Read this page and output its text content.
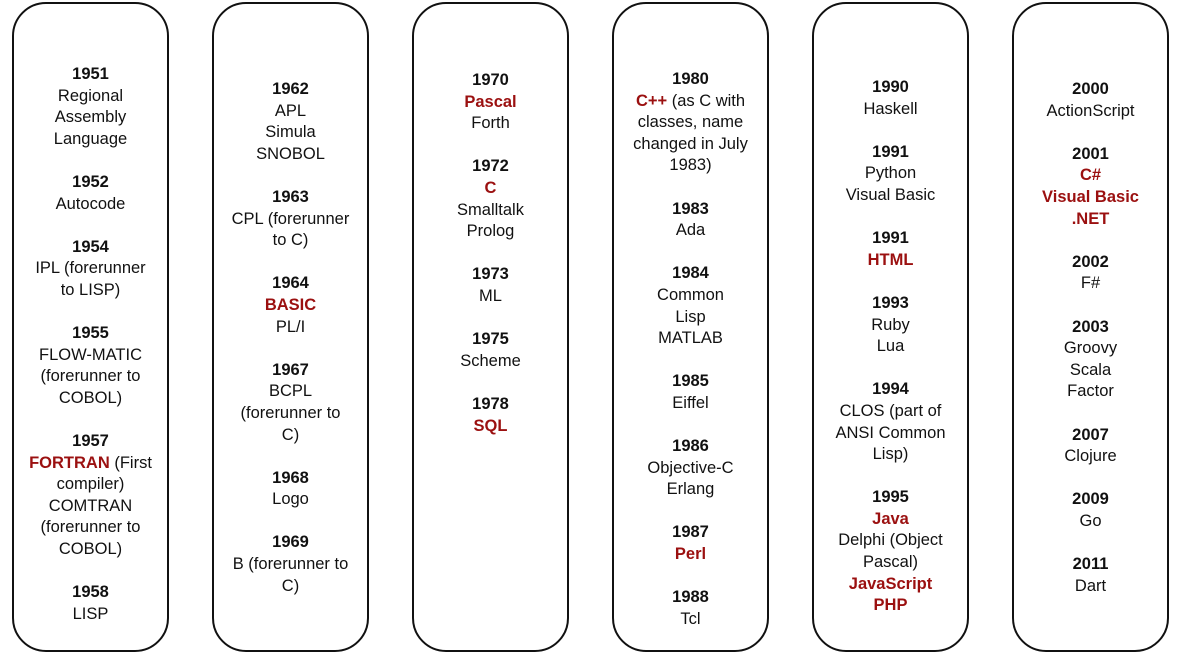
1951
Regional
Assembly
Language
1952
Autocode
1954
IPL (forerunner
to LISP)
1955
FLOW-MATIC
(forerunner to
COBOL)
1957
FORTRAN (First
compiler)
COMTRAN
(forerunner to
COBOL)
1958
LISP
1962
APL
Simula
SNOBOL
1963
CPL (forerunner
to C)
1964
BASIC
PL/I
1967
BCPL
(forerunner to
C)
1968
Logo
1969
B (forerunner to
C)
1970
Pascal
Forth
1972
C
Smalltalk
Prolog
1973
ML
1975
Scheme
1978
SQL
1980
C++ (as C with
classes, name
changed in July
1983)
1983
Ada
1984
Common
Lisp
MATLAB
1985
Eiffel
1986
Objective-C
Erlang
1987
Perl
1988
Tcl
1990
Haskell
1991
Python
Visual Basic
1991
HTML
1993
Ruby
Lua
1994
CLOS (part of
ANSI Common
Lisp)
1995
Java
Delphi (Object
Pascal)
JavaScript
PHP
2000
ActionScript
2001
C#
Visual Basic
.NET
2002
F#
2003
Groovy
Scala
Factor
2007
Clojure
2009
Go
2011
Dart
